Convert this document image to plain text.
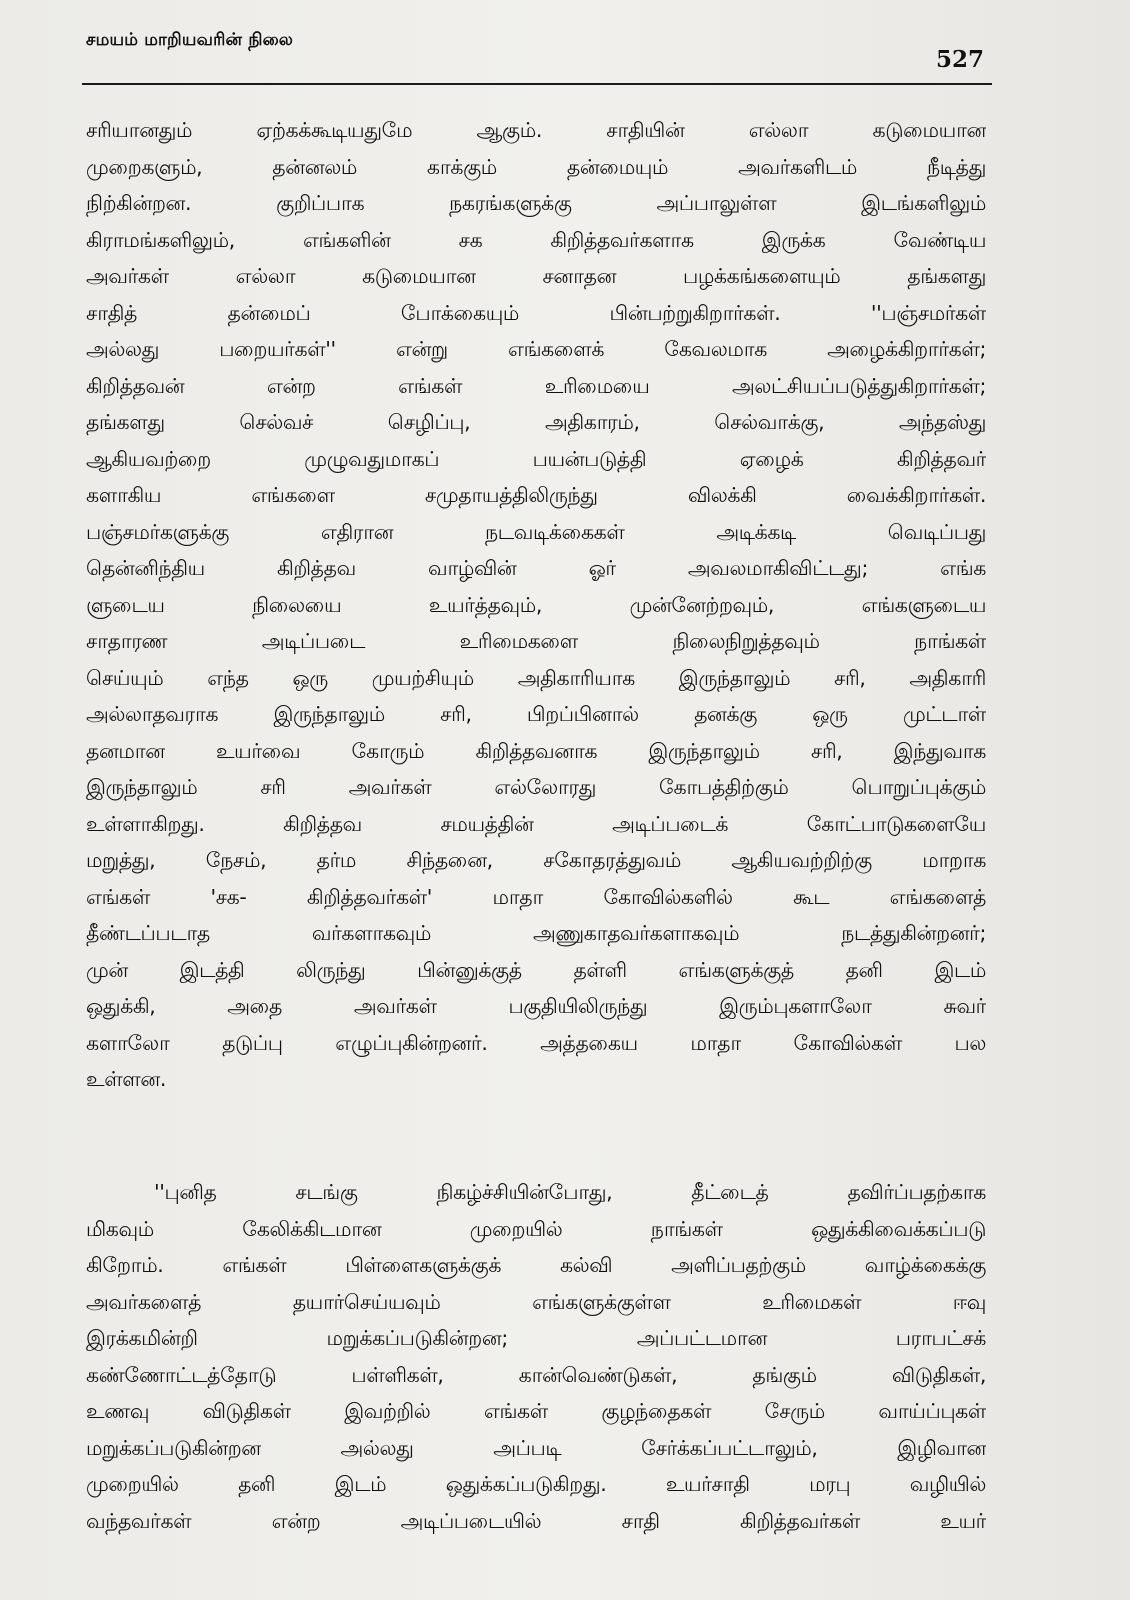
சமயம் மாறியவரின் நிலை
527
சரியானதும் ஏற்கக்கூடியதுமே ஆகும். சாதியின் எல்லா கடுமையான
முறைகளும், தன்னலம் காக்கும் தன்மையும் அவர்களிடம் நீடித்து
நிற்கின்றன. குறிப்பாக நகரங்களுக்கு அப்பாலுள்ள இடங்களிலும்
கிராமங்களிலும், எங்களின் சக கிறித்தவர்களாக இருக்க வேண்டிய
அவர்கள் எல்லா கடுமையான சனாதன பழக்கங்களையும் தங்களது
சாதித் தன்மைப் போக்கையும் பின்பற்றுகிறார்கள். ''பஞ்சமர்கள்
அல்லது பறையர்கள்'' என்று எங்களைக் கேவலமாக அழைக்கிறார்கள்;
கிறித்தவன் என்ற எங்கள் உரிமையை அலட்சியப்படுத்துகிறார்கள்;
தங்களது செல்வச் செழிப்பு, அதிகாரம், செல்வாக்கு, அந்தஸ்து
ஆகியவற்றை முழுவதுமாகப் பயன்படுத்தி ஏழைக் கிறித்தவர்
களாகிய எங்களை சமுதாயத்திலிருந்து விலக்கி வைக்கிறார்கள்.
பஞ்சமர்களுக்கு எதிரான நடவடிக்கைகள் அடிக்கடி வெடிப்பது
தென்னிந்திய கிறித்தவ வாழ்வின் ஓர் அவலமாகிவிட்டது; எங்க
ளுடைய நிலையை உயர்த்தவும், முன்னேற்றவும், எங்களுடைய
சாதாரண அடிப்படை உரிமைகளை நிலைநிறுத்தவும் நாங்கள்
செய்யும் எந்த ஒரு முயற்சியும் அதிகாரியாக இருந்தாலும் சரி, அதிகாரி
அல்லாதவராக இருந்தாலும் சரி, பிறப்பினால் தனக்கு ஒரு முட்டாள்
தனமான உயர்வை கோரும் கிறித்தவனாக இருந்தாலும் சரி, இந்துவாக
இருந்தாலும் சரி அவர்கள் எல்லோரது கோபத்திற்கும் பொறுப்புக்கும்
உள்ளாகிறது. கிறித்தவ சமயத்தின் அடிப்படைக் கோட்பாடுகளையே
மறுத்து, நேசம், தர்ம சிந்தனை, சகோதரத்துவம் ஆகியவற்றிற்கு மாறாக
எங்கள் 'சக- கிறித்தவர்கள்' மாதா கோவில்களில் கூட எங்களைத்
தீண்டப்படாத வர்களாகவும் அணுகாதவர்களாகவும் நடத்துகின்றனர்;
முன் இடத்தி லிருந்து பின்னுக்குத் தள்ளி எங்களுக்குத் தனி இடம்
ஒதுக்கி, அதை அவர்கள் பகுதியிலிருந்து இரும்புகளாலோ சுவர்
களாலோ தடுப்பு எழுப்புகின்றனர். அத்தகைய மாதா கோவில்கள் பல
உள்ளன.
''புனித சடங்கு நிகழ்ச்சியின்போது, தீட்டைத் தவிர்ப்பதற்காக
மிகவும் கேலிக்கிடமான முறையில் நாங்கள் ஒதுக்கிவைக்கப்படு
கிறோம். எங்கள் பிள்ளைகளுக்குக் கல்வி அளிப்பதற்கும் வாழ்க்கைக்கு
அவர்களைத் தயார்செய்யவும் எங்களுக்குள்ள உரிமைகள் ஈவு
இரக்கமின்றி மறுக்கப்படுகின்றன; அப்பட்டமான பராபட்சக்
கண்ணோட்டத்தோடு பள்ளிகள், கான்வெண்டுகள், தங்கும் விடுதிகள்,
உணவு விடுதிகள் இவற்றில் எங்கள் குழந்தைகள் சேரும் வாய்ப்புகள்
மறுக்கப்படுகின்றன அல்லது அப்படி சேர்க்கப்பட்டாலும், இழிவான
முறையில் தனி இடம் ஒதுக்கப்படுகிறது. உயர்சாதி மரபு வழியில்
வந்தவர்கள் என்ற அடிப்படையில் சாதி கிறித்தவர்கள் உயர்
